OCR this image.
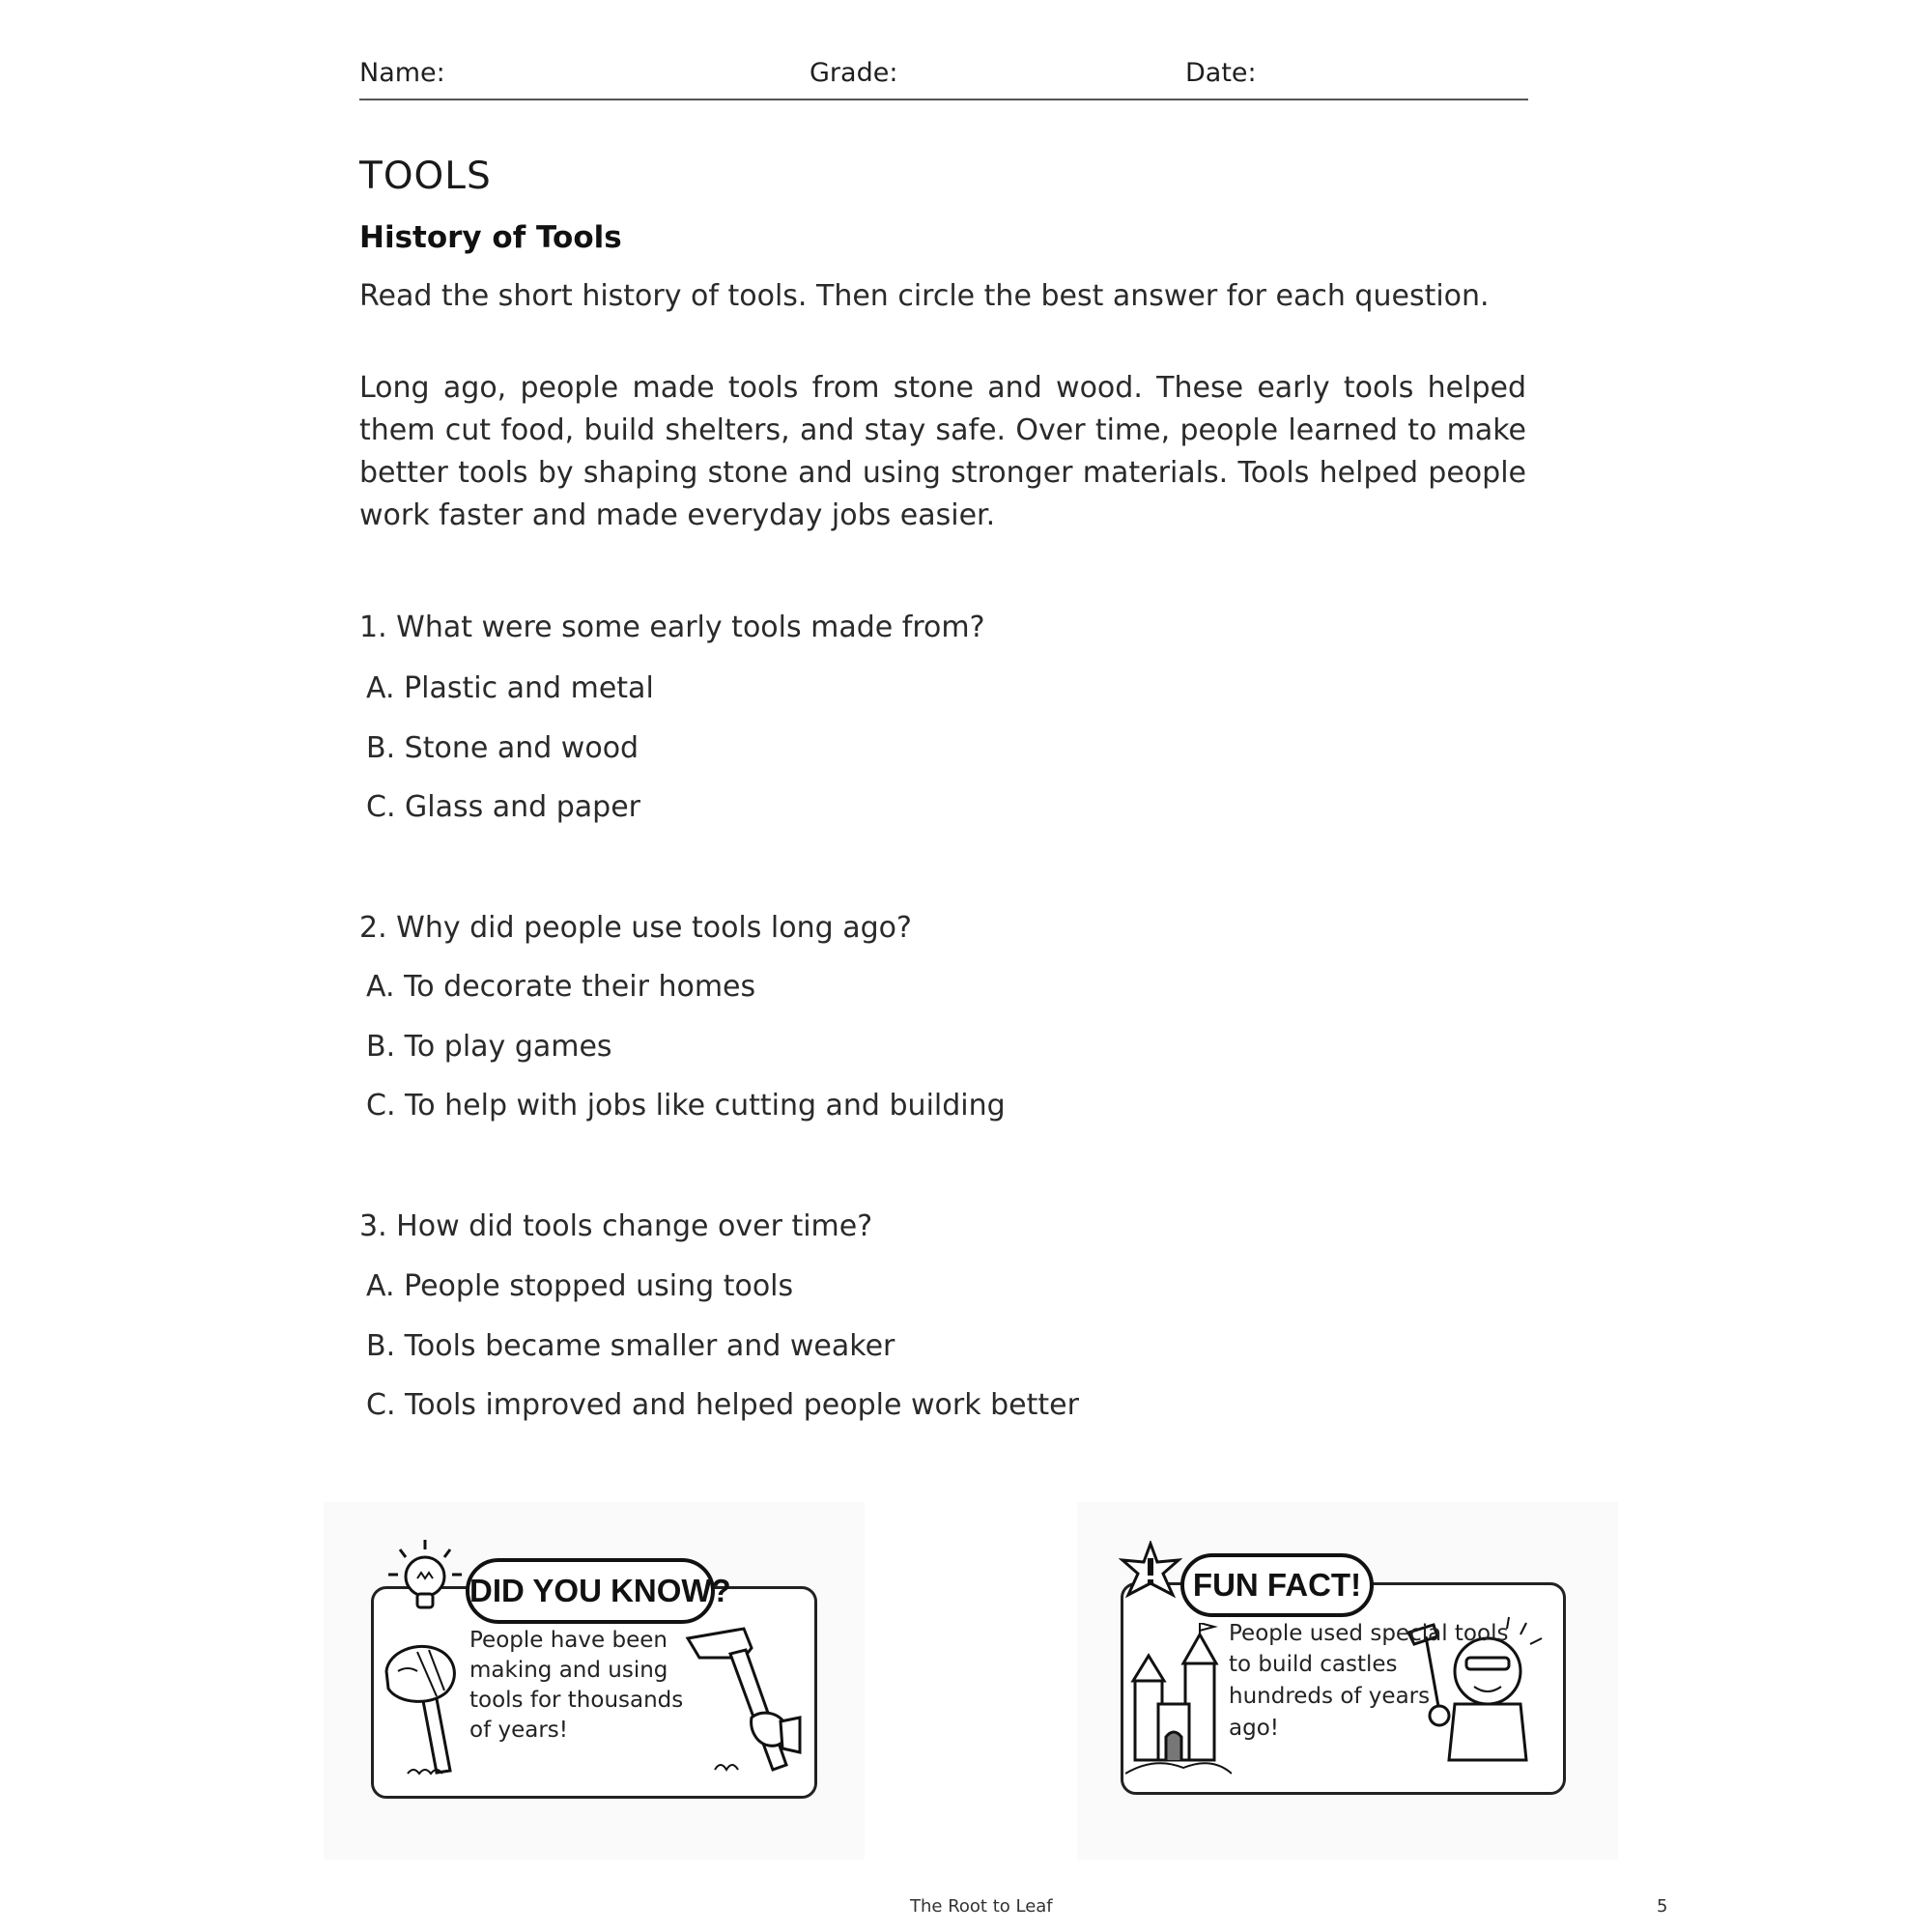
Name:	Grade:	Date:
TOOLS
History of Tools
Read the short history of tools. Then circle the best answer for each question.
Long ago, people made tools from stone and wood. These early tools helped them cut food, build shelters, and stay safe. Over time, people learned to make better tools by shaping stone and using stronger materials. Tools helped people work faster and made everyday jobs easier.
1. What were some early tools made from?
A. Plastic and metal
B. Stone and wood
C. Glass and paper
2. Why did people use tools long ago?
A. To decorate their homes
B. To play games
C. To help with jobs like cutting and building
3. How did tools change over time?
A. People stopped using tools
B. Tools became smaller and weaker
C. Tools improved and helped people work better
DID YOU KNOW?
People have been
making and using
tools for thousands
of years!
FUN FACT!
People used special tools
to build castles
hundreds of years
ago!
The Root to Leaf	5
